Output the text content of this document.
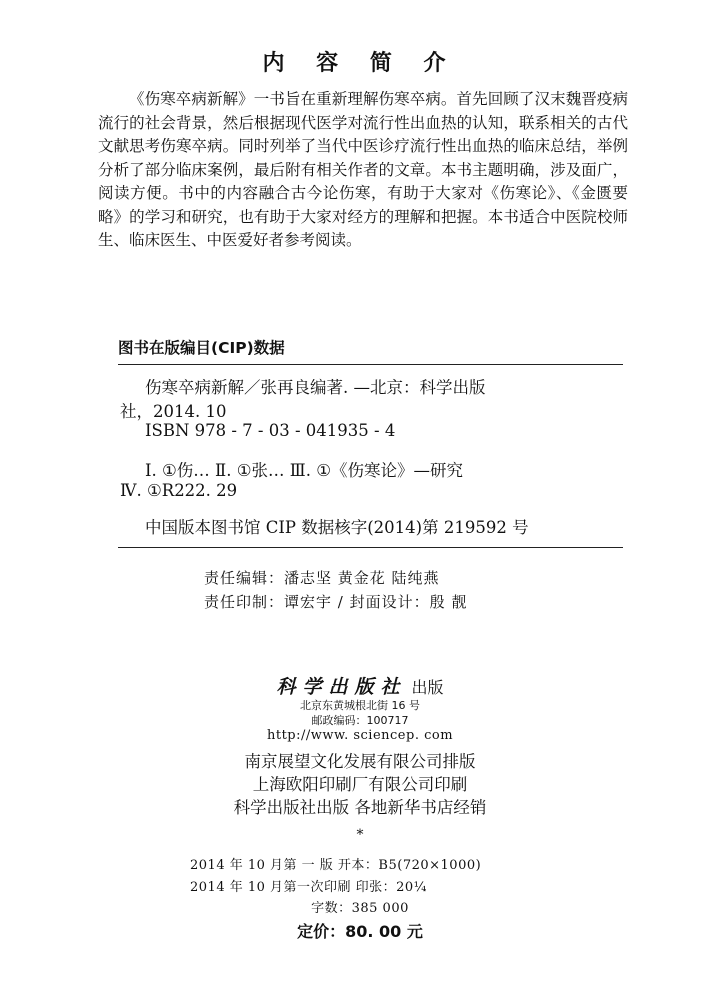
内 容 简 介

《伤寒卒病新解》一书旨在重新理解伤寒卒病。首先回顾了汉末魏晋疫病流行的社会背景，然后根据现代医学对流行性出血热的认知，联系相关的古代文献思考伤寒卒病。同时列举了当代中医诊疗流行性出血热的临床总结，举例分析了部分临床案例，最后附有相关作者的文章。本书主题明确，涉及面广，阅读方便。书中的内容融合古今论伤寒，有助于大家对《伤寒论》、《金匮要略》的学习和研究，也有助于大家对经方的理解和把握。本书适合中医院校师生、临床医生、中医爱好者参考阅读。

图书在版编目(CIP)数据
伤寒卒病新解／张再良编著. —北京：科学出版
社，2014. 10
ISBN 978 - 7 - 03 - 041935 - 4
Ⅰ. ①伤… Ⅱ. ①张… Ⅲ. ①《伤寒论》—研究
Ⅳ. ①R222. 29
中国版本图书馆 CIP 数据核字(2014)第 219592 号
责任编辑：潘志坚 黄金花 陆纯燕
责任印制：谭宏宇 / 封面设计：殷 靓
科学出版社 出版
北京东黄城根北街 16 号
邮政编码：100717
http://www. sciencep. com
南京展望文化发展有限公司排版
上海欧阳印刷厂有限公司印刷
科学出版社出版 各地新华书店经销
*
2014 年 10 月第 一 版 开本：B5(720×1000)
2014 年 10 月第一次印刷 印张：20¼
字数：385 000
定价：80. 00 元
